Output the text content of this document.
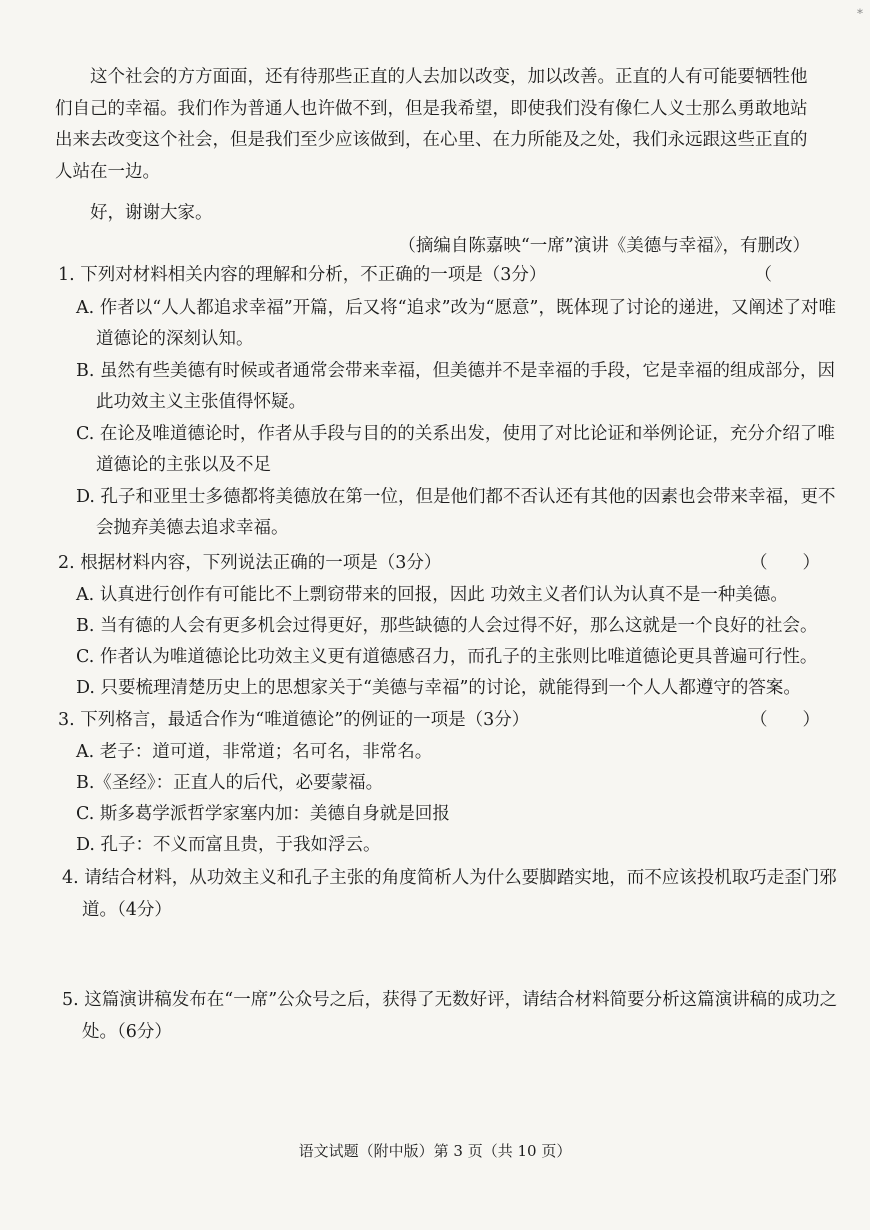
⁠ ∗
这个社会的方方面面，还有待那些正直的人去加以改变，加以改善。正直的人有可能要牺牲他们自己的幸福。我们作为普通人也许做不到，但是我希望，即使我们没有像仁人义士那么勇敢地站出来去改变这个社会，但是我们至少应该做到，在心里、在力所能及之处，我们永远跟这些正直的人站在一边。
好，谢谢大家。
（摘编自陈嘉映“一席”演讲《美德与幸福》，有删改）
1. 下列对材料相关内容的理解和分析，不正确的一项是（3分）	（
A. 作者以“人人都追求幸福”开篇，后又将“追求”改为“愿意”，既体现了讨论的递进，又阐述了对唯道德论的深刻认知。
B. 虽然有些美德有时候或者通常会带来幸福，但美德并不是幸福的手段，它是幸福的组成部分，因此功效主义主张值得怀疑。
C. 在论及唯道德论时，作者从手段与目的的关系出发，使用了对比论证和举例论证，充分介绍了唯道德论的主张以及不足
D. 孔子和亚里士多德都将美德放在第一位，但是他们都不否认还有其他的因素也会带来幸福，更不会抛弃美德去追求幸福。
2. 根据材料内容，下列说法正确的一项是（3分）	（　　）
A. 认真进行创作有可能比不上剽窃带来的回报，因此 功效主义者们认为认真不是一种美德。
B. 当有德的人会有更多机会过得更好，那些缺德的人会过得不好，那么这就是一个良好的社会。
C. 作者认为唯道德论比功效主义更有道德感召力，而孔子的主张则比唯道德论更具普遍可行性。
D. 只要梳理清楚历史上的思想家关于“美德与幸福”的讨论，就能得到一个人人都遵守的答案。
3. 下列格言，最适合作为“唯道德论”的例证的一项是（3分）	（　　）
A. 老子：道可道，非常道；名可名，非常名。
B.《圣经》：正直人的后代，必要蒙福。
C. 斯多葛学派哲学家塞内加：美德自身就是回报
D. 孔子：不义而富且贵，于我如浮云。
4. 请结合材料，从功效主义和孔子主张的角度简析人为什么要脚踏实地，而不应该投机取巧走歪门邪道。（4分）
5. 这篇演讲稿发布在“一席”公众号之后，获得了无数好评，请结合材料简要分析这篇演讲稿的成功之处。（6分）
语文试题（附中版）第 3 页（共 10 页）
